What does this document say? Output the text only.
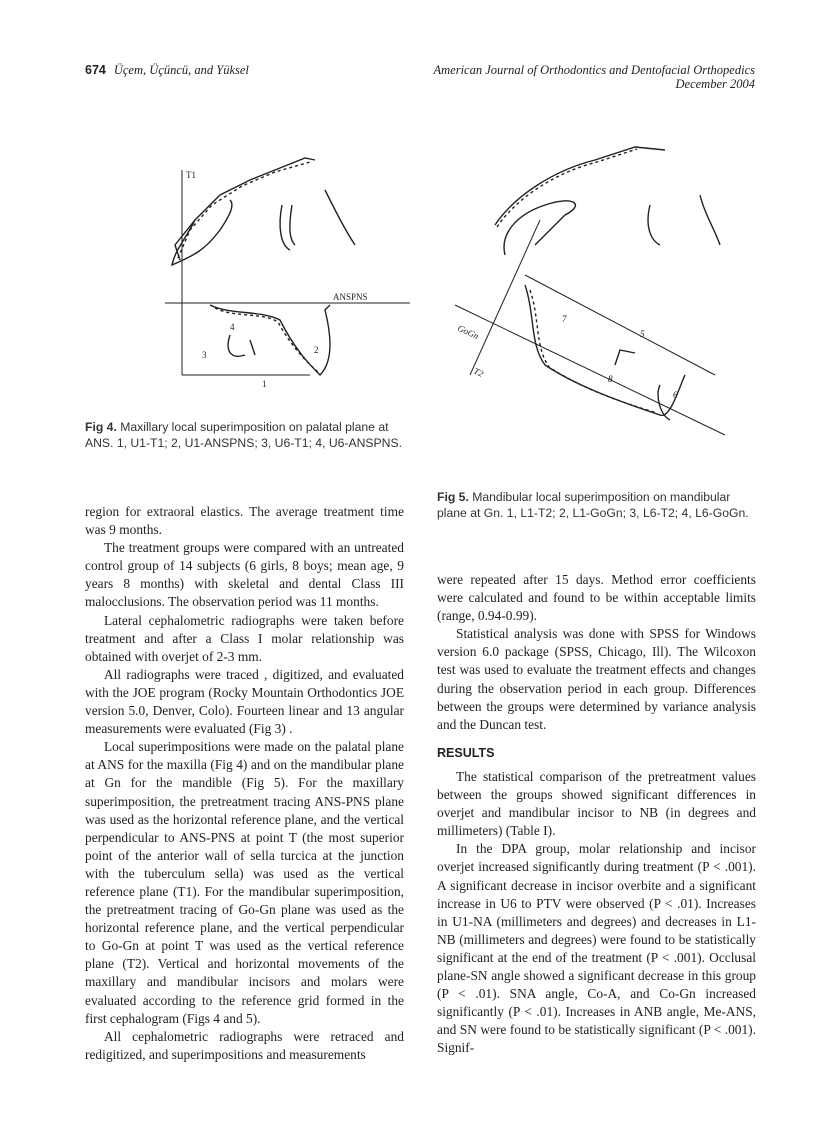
674 Üçem, Üçüncü, and Yüksel	American Journal of Orthodontics and Dentofacial Orthopedics
December 2004
T1
ANSPNS
1
2
3
4
Fig 4. Maxillary local superimposition on palatal plane at ANS. 1, U1-T1; 2, U1-ANSPNS; 3, U6-T1; 4, U6-ANSPNS.
GoGn
T2
7
5
8
6
Fig 5. Mandibular local superimposition on mandibular plane at Gn. 1, L1-T2; 2, L1-GoGn; 3, L6-T2; 4, L6-GoGn.

region for extraoral elastics. The average treatment time was 9 months.

The treatment groups were compared with an untreated control group of 14 subjects (6 girls, 8 boys; mean age, 9 years 8 months) with skeletal and dental Class III malocclusions. The observation period was 11 months.

Lateral cephalometric radiographs were taken before treatment and after a Class I molar relationship was obtained with overjet of 2-3 mm.

All radiographs were traced , digitized, and evaluated with the JOE program (Rocky Mountain Orthodontics JOE version 5.0, Denver, Colo). Fourteen linear and 13 angular measurements were evaluated (Fig 3) .

Local superimpositions were made on the palatal plane at ANS for the maxilla (Fig 4) and on the mandibular plane at Gn for the mandible (Fig 5). For the maxillary superimposition, the pretreatment tracing ANS-PNS plane was used as the horizontal reference plane, and the vertical perpendicular to ANS-PNS at point T (the most superior point of the anterior wall of sella turcica at the junction with the tuberculum sella) was used as the vertical reference plane (T1). For the mandibular superimposition, the pretreatment tracing of Go-Gn plane was used as the horizontal reference plane, and the vertical perpendicular to Go-Gn at point T was used as the vertical reference plane (T2). Vertical and horizontal movements of the maxillary and mandibular incisors and molars were evaluated according to the reference grid formed in the first cephalogram (Figs 4 and 5).

All cephalometric radiographs were retraced and redigitized, and superimpositions and measurements

were repeated after 15 days. Method error coefficients were calculated and found to be within acceptable limits (range, 0.94-0.99).

Statistical analysis was done with SPSS for Windows version 6.0 package (SPSS, Chicago, Ill). The Wilcoxon test was used to evaluate the treatment effects and changes during the observation period in each group. Differences between the groups were determined by variance analysis and the Duncan test.

RESULTS

The statistical comparison of the pretreatment values between the groups showed significant differences in overjet and mandibular incisor to NB (in degrees and millimeters) (Table I).

In the DPA group, molar relationship and incisor overjet increased significantly during treatment (P < .001). A significant decrease in incisor overbite and a significant increase in U6 to PTV were observed (P < .01). Increases in U1-NA (millimeters and degrees) and decreases in L1-NB (millimeters and degrees) were found to be statistically significant at the end of the treatment (P < .001). Occlusal plane-SN angle showed a significant decrease in this group (P < .01). SNA angle, Co-A, and Co-Gn increased significantly (P < .01). Increases in ANB angle, Me-ANS, and SN were found to be statistically significant (P < .001). Signif-
